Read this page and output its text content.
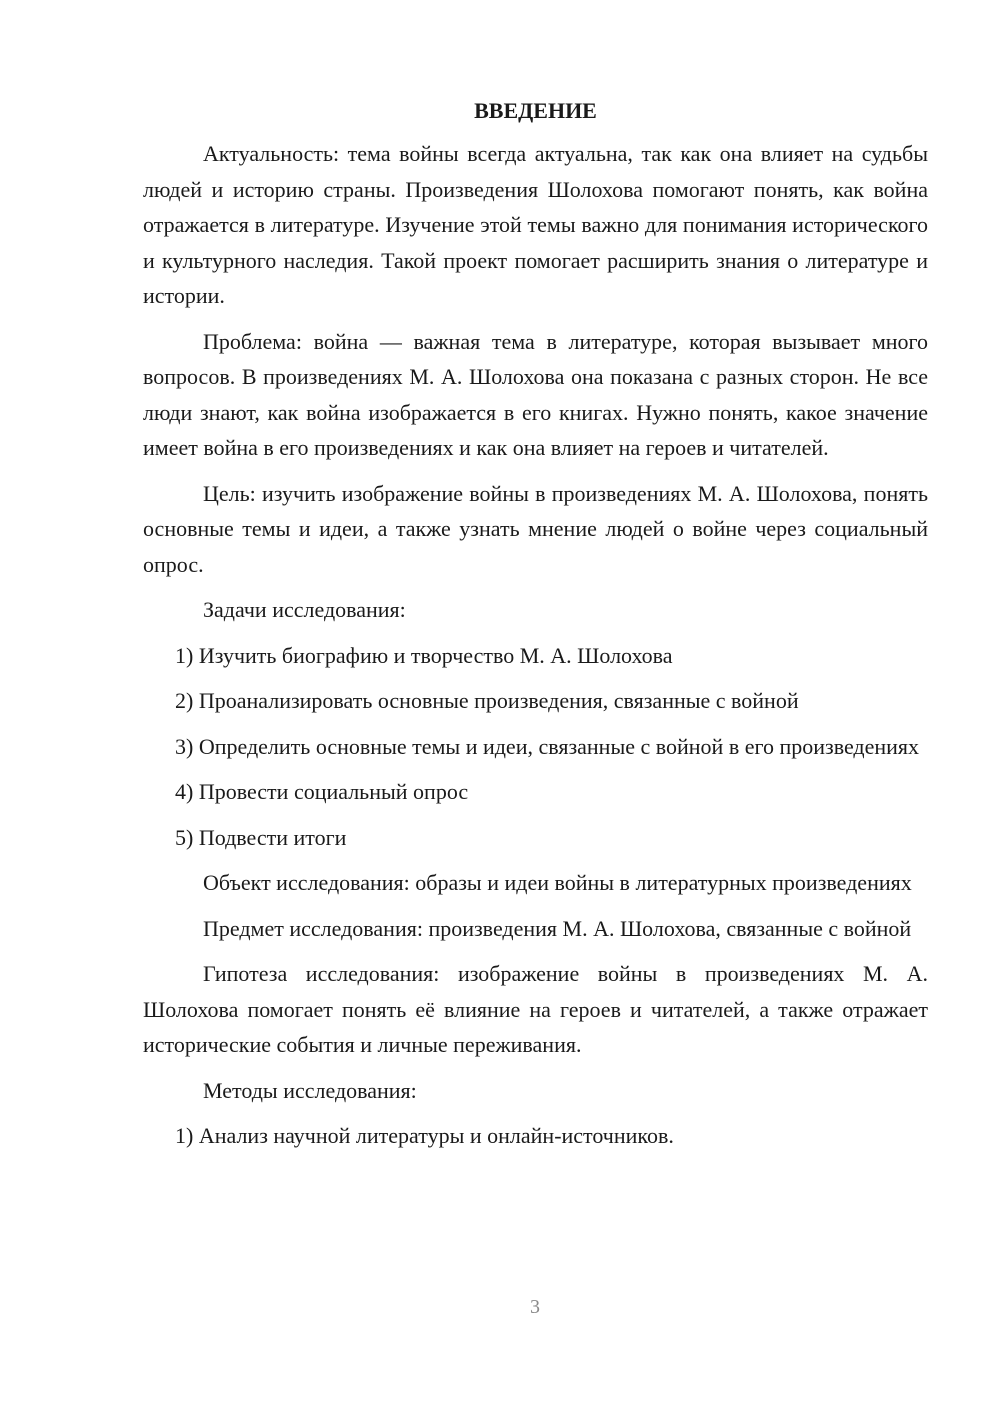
ВВЕДЕНИЕ

Актуальность: тема войны всегда актуальна, так как она влияет на судьбы людей и историю страны. Произведения Шолохова помогают понять, как война отражается в литературе. Изучение этой темы важно для понимания исторического и культурного наследия. Такой проект помогает расширить знания о литературе и истории.

Проблема: война — важная тема в литературе, которая вызывает много вопросов. В произведениях М. А. Шолохова она показана с разных сторон. Не все люди знают, как война изображается в его книгах. Нужно понять, какое значение имеет война в его произведениях и как она влияет на героев и читателей.

Цель: изучить изображение войны в произведениях М. А. Шолохова, понять основные темы и идеи, а также узнать мнение людей о войне через социальный опрос.

Задачи исследования:

1) Изучить биографию и творчество М. А. Шолохова

2) Проанализировать основные произведения, связанные с войной

3) Определить основные темы и идеи, связанные с войной в его произведениях

4) Провести социальный опрос

5) Подвести итоги

Объект исследования: образы и идеи войны в литературных произведениях

Предмет исследования: произведения М. А. Шолохова, связанные с войной

Гипотеза исследования: изображение войны в произведениях М. А. Шолохова помогает понять её влияние на героев и читателей, а также отражает исторические события и личные переживания.

Методы исследования:

1) Анализ научной литературы и онлайн-источников.

3
